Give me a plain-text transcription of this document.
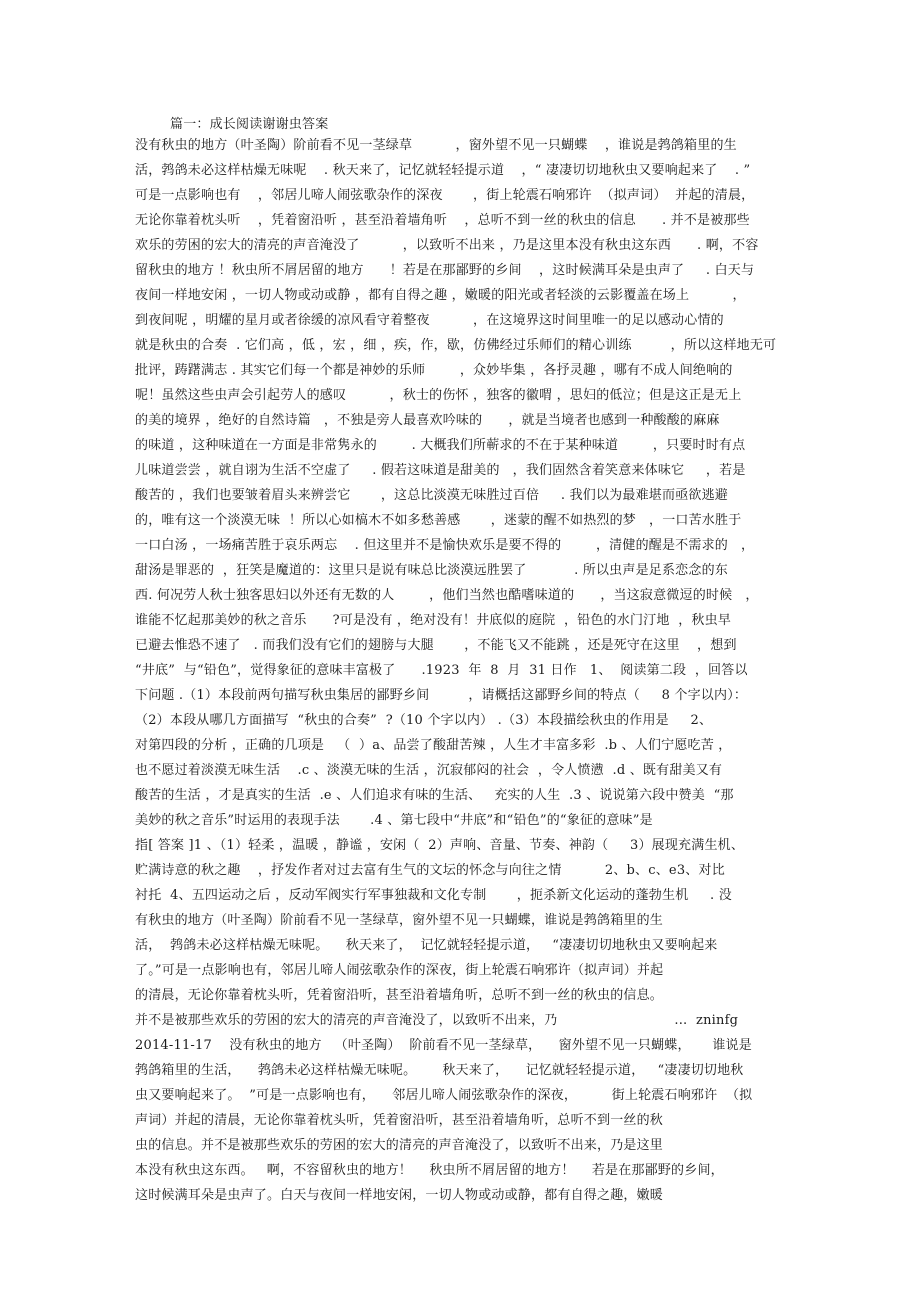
篇一：成长阅读谢谢虫答案
没有秋虫的地方（叶圣陶）阶前看不见一茎绿草          ，窗外望不见一只蝴蝶    ，谁说是鹁鸽箱里的生
活，鹁鸽未必这样枯燥无味呢    . 秋天来了，记忆就轻轻提示道    ，“ 凄凄切切地秋虫又要响起来了    . ”
可是一点影响也有    ，邻居儿啼人闹弦歌杂作的深夜       ，街上轮震石响邪许  （拟声词）  并起的清晨，
无论你靠着枕头听    ，凭着窗沿听 ，甚至沿着墙角听    ，总听不到一丝的秋虫的信息      . 并不是被那些
欢乐的劳困的宏大的清亮的声音淹没了          ，以致听不出来 ，乃是这里本没有秋虫这东西      . 啊，不容
留秋虫的地方 ！秋虫所不屑居留的地方      ！若是在那鄙野的乡间    ，这时候满耳朵是虫声了     . 白天与
夜间一样地安闲 ，一切人物或动或静 ，都有自得之趣 ，嫩暖的阳光或者轻淡的云影覆盖在场上          ，
到夜间呢 ，明耀的星月或者徐缓的凉风看守着整夜          ，在这境界这时间里唯一的足以感动心情的
就是秋虫的合奏  . 它们高 ，低 ，宏 ，细 ，疾，作，歇，仿佛经过乐师们的精心训练         ，所以这样地无可
批评，踌躇满志 . 其实它们每一个都是神妙的乐师        ，众妙毕集 ，各抒灵趣 ，哪有不成人间绝响的
呢！虽然这些虫声会引起劳人的感叹          ，秋士的伤怀 ，独客的徽喟 ，思妇的低泣；但是这正是无上
的美的境界 ，绝好的自然诗篇   ，不独是旁人最喜欢吟味的      ，就是当境者也感到一种酸酸的麻麻
的味道 ，这种味道在一方面是非常隽永的        . 大概我们所蕲求的不在于某种味道        ，只要时时有点
儿味道尝尝 ，就自诩为生活不空虚了     . 假若这味道是甜美的   ，我们固然含着笑意来体味它     ，若是
酸苦的 ，我们也要皱着眉头来辨尝它       ，这总比淡漠无味胜过百倍     . 我们以为最难堪而亟欲逃避
的，唯有这一个淡漠无味  ！所以心如槁木不如多愁善感       ，迷蒙的醒不如热烈的梦   ，一口苦水胜于
一口白汤 ，一场痛苦胜于哀乐两忘    . 但这里并不是愉快欢乐是要不得的        ，清健的醒是不需求的   ，
甜汤是罪恶的  ，狂笑是魔道的：这里只是说有味总比淡漠远胜罢了           . 所以虫声是足系恋念的东
西. 何况劳人秋士独客思妇以外还有无数的人        ，他们当然也酷嗜味道的      ，当这寂意微逗的时候   ，
谁能不忆起那美妙的秋之音乐      ?可是没有 ，绝对没有！井底似的庭院  ，铅色的水门汀地  ，秋虫早
已避去惟恐不速了   . 而我们没有它们的翅膀与大腿       ，不能飞又不能跳 ，还是死守在这里    ，想到
“井底”  与“铅色”，觉得象征的意味丰富极了      .1923  年  8  月  31 日作   1、  阅读第二段  ，回答以
下问题 .（1）本段前两句描写秋虫集居的鄙野乡间         ，请概括这鄙野乡间的特点（     8 个字以内）：
（2）本段从哪几方面描写  “秋虫的合奏”  ?（10 个字以内） .（3）本段描绘秋虫的作用是     2、
对第四段的分析 ，正确的几项是   （  ）a、品尝了酸甜苦辣 ，人生才丰富多彩  .b 、人们宁愿吃苦 ，
也不愿过着淡漠无味生活    .c 、淡漠无味的生活 ，沉寂郁闷的社会  ，令人愤懑  .d 、既有甜美又有
酸苦的生活 ，才是真实的生活  .e 、人们追求有味的生活、   充实的人生  .3 、说说第六段中赞美  “那
美妙的秋之音乐”时运用的表现手法       .4 、第七段中“井底”和“铅色”的“象征的意味”是
指[ 答案 ]1 、（1）轻柔 ，温暖 ，静谧 ，安闲（  2）声响、音量、节奏、神韵（     3）展现充满生机、
贮满诗意的秋之趣    ，抒发作者对过去富有生气的文坛的怀念与向往之情          2、b、c、e3、对比
衬托  4、五四运动之后 ，反动军阀实行军事独裁和文化专制       ，扼杀新文化运动的蓬勃生机     . 没
有秋虫的地方（叶圣陶）阶前看不见一茎绿草，窗外望不见一只蝴蝶，谁说是鹁鸽箱里的生
活，  鹁鸽未必这样枯燥无味呢。    秋天来了，  记忆就轻轻提示道，   “凄凄切切地秋虫又要响起来
了。”可是一点影响也有，邻居儿啼人闹弦歌杂作的深夜，街上轮震石响邪许（拟声词）并起
的清晨，无论你靠着枕头听，凭着窗沿听，甚至沿着墙角听，总听不到一丝的秋虫的信息。
并不是被那些欢乐的劳困的宏大的清亮的声音淹没了，以致听不出来，乃                           ...  zninfg
2014-11-17    没有秋虫的地方   （叶圣陶）  阶前看不见一茎绿草，    窗外望不见一只蝴蝶，     谁说是
鹁鸽箱里的生活，    鹁鸽未必这样枯燥无味呢。      秋天来了，    记忆就轻轻提示道，   “凄凄切切地秋
虫又要响起来了。  ”可是一点影响也有，    邻居儿啼人闹弦歌杂作的深夜，        街上轮震石响邪许  （拟
声词）并起的清晨，无论你靠着枕头听，凭着窗沿听，甚至沿着墙角听，总听不到一丝的秋
虫的信息。并不是被那些欢乐的劳困的宏大的清亮的声音淹没了，以致听不出来，乃是这里
本没有秋虫这东西。   啊，不容留秋虫的地方！    秋虫所不屑居留的地方！    若是在那鄙野的乡间，
这时候满耳朵是虫声了。白天与夜间一样地安闲，一切人物或动或静，都有自得之趣，嫩暖
